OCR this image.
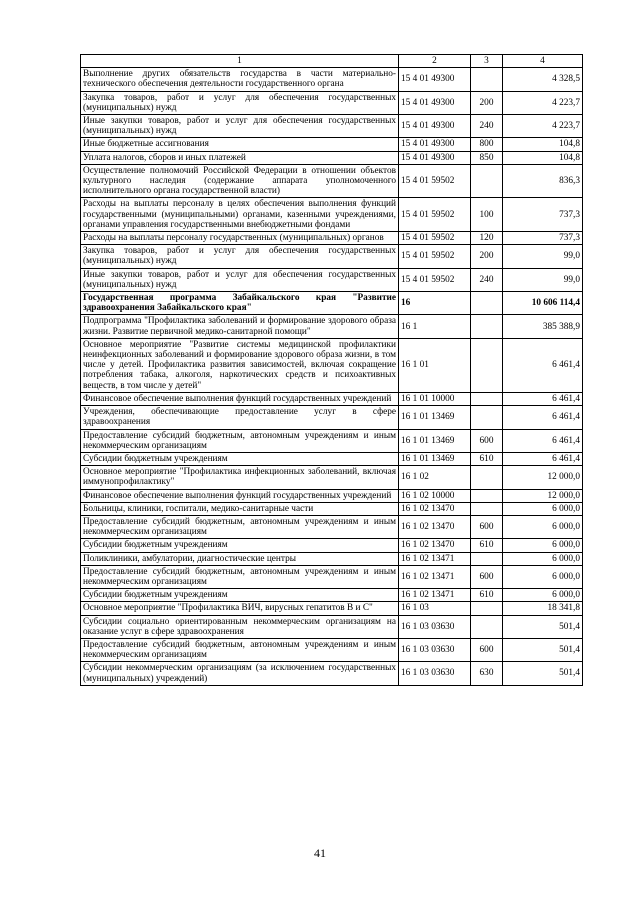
1	2	3	4
Выполнение других обязательств государства в части материально-технического обеспечения деятельности государственного органа	15 4 01 49300		4 328,5
Закупка товаров, работ и услуг для обеспечения государственных (муниципальных) нужд	15 4 01 49300	200	4 223,7
Иные закупки товаров, работ и услуг для обеспечения государственных (муниципальных) нужд	15 4 01 49300	240	4 223,7
Иные бюджетные ассигнования	15 4 01 49300	800	104,8
Уплата налогов, сборов и иных платежей	15 4 01 49300	850	104,8
Осуществление полномочий Российской Федерации в отношении объектов культурного наследия (содержание аппарата уполномоченного исполнительного органа государственной власти)	15 4 01 59502		836,3
Расходы на выплаты персоналу в целях обеспечения выполнения функций государственными (муниципальными) органами, казенными учреждениями, органами управления государственными внебюджетными фондами	15 4 01 59502	100	737,3
Расходы на выплаты персоналу государственных (муниципальных) органов	15 4 01 59502	120	737,3
Закупка товаров, работ и услуг для обеспечения государственных (муниципальных) нужд	15 4 01 59502	200	99,0
Иные закупки товаров, работ и услуг для обеспечения государственных (муниципальных) нужд	15 4 01 59502	240	99,0
Государственная программа Забайкальского края "Развитие здравоохранения Забайкальского края"	16		10 606 114,4
Подпрограмма "Профилактика заболеваний и формирование здорового образа жизни. Развитие первичной медико-санитарной помощи"	16 1		385 388,9
Основное мероприятие "Развитие системы медицинской профилактики неинфекционных заболеваний и формирование здорового образа жизни, в том числе у детей. Профилактика развития зависимостей, включая сокращение потребления табака, алкоголя, наркотических средств и психоактивных веществ, в том числе у детей"	16 1 01		6 461,4
Финансовое обеспечение выполнения функций государственных учреждений	16 1 01 10000		6 461,4
Учреждения, обеспечивающие предоставление услуг в сфере здравоохранения	16 1 01 13469		6 461,4
Предоставление субсидий бюджетным, автономным учреждениям и иным некоммерческим организациям	16 1 01 13469	600	6 461,4
Субсидии бюджетным учреждениям	16 1 01 13469	610	6 461,4
Основное мероприятие "Профилактика инфекционных заболеваний, включая иммунопрофилактику"	16 1 02		12 000,0
Финансовое обеспечение выполнения функций государственных учреждений	16 1 02 10000		12 000,0
Больницы, клиники, госпитали, медико-санитарные части	16 1 02 13470		6 000,0
Предоставление субсидий бюджетным, автономным учреждениям и иным некоммерческим организациям	16 1 02 13470	600	6 000,0
Субсидии бюджетным учреждениям	16 1 02 13470	610	6 000,0
Поликлиники, амбулатории, диагностические центры	16 1 02 13471		6 000,0
Предоставление субсидий бюджетным, автономным учреждениям и иным некоммерческим организациям	16 1 02 13471	600	6 000,0
Субсидии бюджетным учреждениям	16 1 02 13471	610	6 000,0
Основное мероприятие "Профилактика ВИЧ, вирусных гепатитов В и С"	16 1 03		18 341,8
Субсидии социально ориентированным некоммерческим организациям на оказание услуг в сфере здравоохранения	16 1 03 03630		501,4
Предоставление субсидий бюджетным, автономным учреждениям и иным некоммерческим организациям	16 1 03 03630	600	501,4
Субсидии некоммерческим организациям (за исключением государственных (муниципальных) учреждений)	16 1 03 03630	630	501,4
41
